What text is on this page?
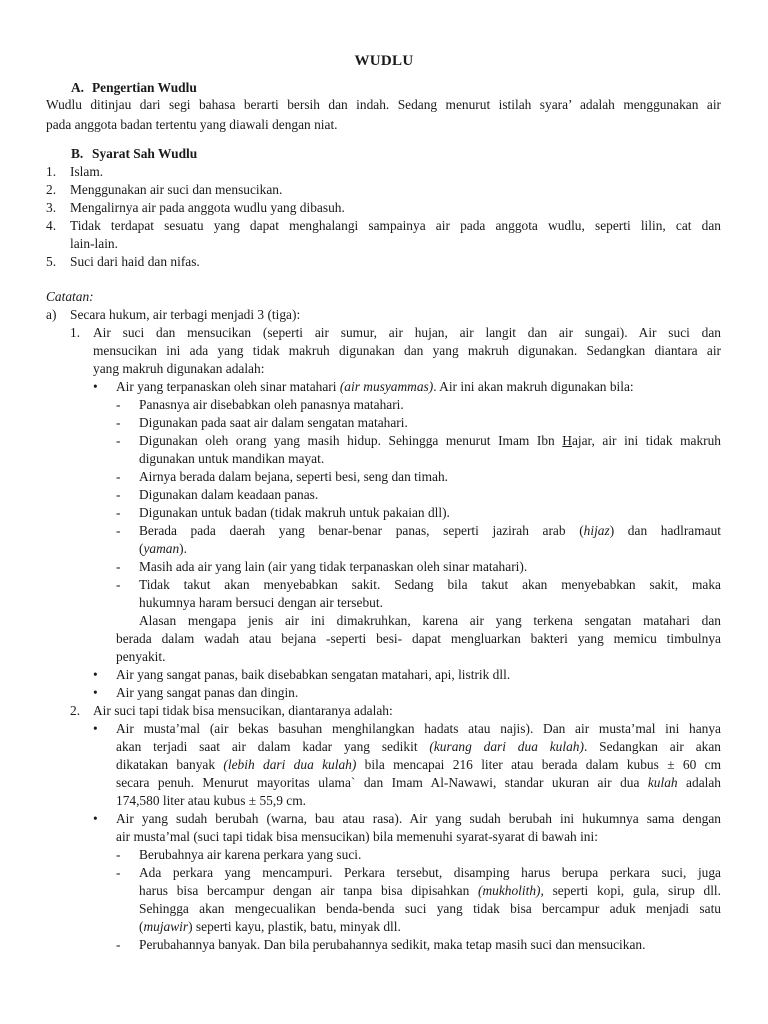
WUDLU
A. Pengertian Wudlu
Wudlu ditinjau dari segi bahasa berarti bersih dan indah. Sedang menurut istilah syara’ adalah menggunakan air
pada anggota badan tertentu yang diawali dengan niat.
B. Syarat Sah Wudlu
1. Islam.
2. Menggunakan air suci dan mensucikan.
3. Mengalirnya air pada anggota wudlu yang dibasuh.
4. Tidak terdapat sesuatu yang dapat menghalangi sampainya air pada anggota wudlu, seperti lilin, cat dan
lain-lain.
5. Suci dari haid dan nifas.
Catatan:
a) Secara hukum, air terbagi menjadi 3 (tiga):
1. Air suci dan mensucikan (seperti air sumur, air hujan, air langit dan air sungai). Air suci dan
mensucikan ini ada yang tidak makruh digunakan dan yang makruh digunakan. Sedangkan diantara air
yang makruh digunakan adalah:
• Air yang terpanaskan oleh sinar matahari (air musyammas). Air ini akan makruh digunakan bila:
- Panasnya air disebabkan oleh panasnya matahari.
- Digunakan pada saat air dalam sengatan matahari.
- Digunakan oleh orang yang masih hidup. Sehingga menurut Imam Ibn Hajar, air ini tidak makruh
digunakan untuk mandikan mayat.
- Airnya berada dalam bejana, seperti besi, seng dan timah.
- Digunakan dalam keadaan panas.
- Digunakan untuk badan (tidak makruh untuk pakaian dll).
- Berada pada daerah yang benar-benar panas, seperti jazirah arab (hijaz) dan hadlramaut
(yaman).
- Masih ada air yang lain (air yang tidak terpanaskan oleh sinar matahari).
- Tidak takut akan menyebabkan sakit. Sedang bila takut akan menyebabkan sakit, maka
hukumnya haram bersuci dengan air tersebut.
Alasan mengapa jenis air ini dimakruhkan, karena air yang terkena sengatan matahari dan
berada dalam wadah atau bejana -seperti besi- dapat mengluarkan bakteri yang memicu timbulnya
penyakit.
• Air yang sangat panas, baik disebabkan sengatan matahari, api, listrik dll.
• Air yang sangat panas dan dingin.
2. Air suci tapi tidak bisa mensucikan, diantaranya adalah:
• Air musta’mal (air bekas basuhan menghilangkan hadats atau najis). Dan air musta’mal ini hanya
akan terjadi saat air dalam kadar yang sedikit (kurang dari dua kulah). Sedangkan air akan
dikatakan banyak (lebih dari dua kulah) bila mencapai 216 liter atau berada dalam kubus ± 60 cm
secara penuh. Menurut mayoritas ulama` dan Imam Al-Nawawi, standar ukuran air dua kulah adalah
174,580 liter atau kubus ± 55,9 cm.
• Air yang sudah berubah (warna, bau atau rasa). Air yang sudah berubah ini hukumnya sama dengan
air musta’mal (suci tapi tidak bisa mensucikan) bila memenuhi syarat-syarat di bawah ini:
- Berubahnya air karena perkara yang suci.
- Ada perkara yang mencampuri. Perkara tersebut, disamping harus berupa perkara suci, juga
harus bisa bercampur dengan air tanpa bisa dipisahkan (mukholith), seperti kopi, gula, sirup dll.
Sehingga akan mengecualikan benda-benda suci yang tidak bisa bercampur aduk menjadi satu
(mujawir) seperti kayu, plastik, batu, minyak dll.
- Perubahannya banyak. Dan bila perubahannya sedikit, maka tetap masih suci dan mensucikan.
